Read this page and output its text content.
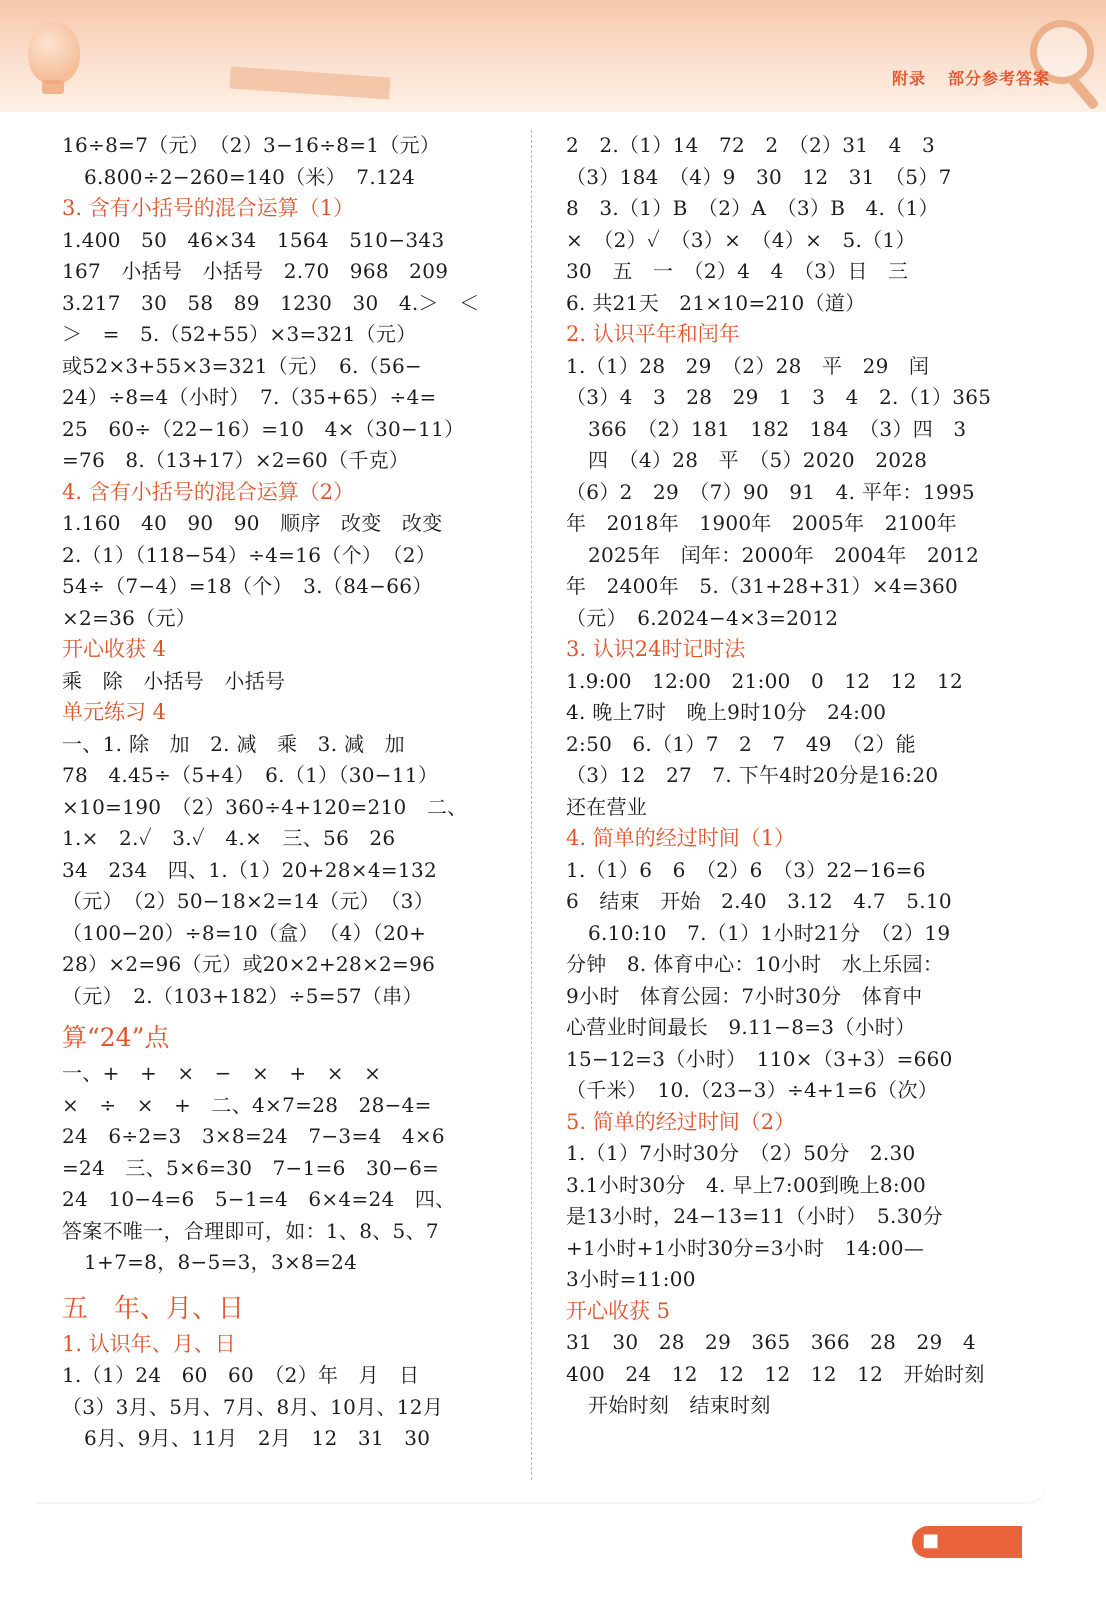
附录 部分参考答案
16÷8=7（元）　（2）3−16÷8=1（元）
6.800÷2−260=140（米）　7.124
3. 含有小括号的混合运算（1）
1.400　50　46×34　1564　510−343
167　小括号　小括号　2.70　968　209
3.217　30　58　89　1230　30　4.＞　＜
＞　=　5.（52+55）×3=321（元）
或52×3+55×3=321（元）　6.（56−
24）÷8=4（小时）　7.（35+65）÷4=
25　60÷（22−16）=10　4×（30−11）
=76　8.（13+17）×2=60（千克）
4. 含有小括号的混合运算（2）
1.160　40　90　90　顺序　改变　改变
2.（1）（118−54）÷4=16（个）　（2）
54÷（7−4）=18（个）　3.（84−66）
×2=36（元）
开心收获 4
乘　除　小括号　小括号
单元练习 4
一、1. 除　加　2. 减　乘　3. 减　加
78　4.45÷（5+4）　6.（1）（30−11）
×10=190　（2）360÷4+120=210　二、
1.×　2.✓　3.✓　4.×　三、56　26
34　234　四、1.（1）20+28×4=132
（元）　（2）50−18×2=14（元）　（3）
（100−20）÷8=10（盒）　（4）（20+
28）×2=96（元）或20×2+28×2=96
（元）　2.（103+182）÷5=57（串）
算“24”点
一、+　+　×　−　×　+　×　×
×　÷　×　+　二、4×7=28　28−4=
24　6÷2=3　3×8=24　7−3=4　4×6
=24　三、5×6=30　7−1=6　30−6=
24　10−4=6　5−1=4　6×4=24　四、
答案不唯一，合理即可，如：1、8、5、7
1+7=8，8−5=3，3×8=24
五　年、月、日
1. 认识年、月、日
1.（1）24　60　60　（2）年　月　日
（3）3月、5月、7月、8月、10月、12月
6月、9月、11月　2月　12　31　30
2　2.（1）14　72　2　（2）31　4　3
（3）184　（4）9　30　12　31　（5）7
8　3.（1）B　（2）A　（3）B　4.（1）
×　（2）✓　（3）×　（4）×　5.（1）
30　五　一　（2）4　4　（3）日　三
6. 共21天　21×10=210（道）
2. 认识平年和闰年
1.（1）28　29　（2）28　平　29　闰
（3）4　3　28　29　1　3　4　2.（1）365
366　（2）181　182　184　（3）四　3
四　（4）28　平　（5）2020　2028
（6）2　29　（7）90　91　4. 平年：1995
年　2018年　1900年　2005年　2100年
2025年　闰年：2000年　2004年　2012
年　2400年　5.（31+28+31）×4=360
（元）　6.2024−4×3=2012
3. 认识24时记时法
1.9:00　12:00　21:00　0　12　12　12
4. 晚上7时　晚上9时10分　24:00
2:50　6.（1）7　2　7　49　（2）能
（3）12　27　7. 下午4时20分是16:20
还在营业
4. 简单的经过时间（1）
1.（1）6　6　（2）6　（3）22−16=6
6　结束　开始　2.40　3.12　4.7　5.10
6.10:10　7.（1）1小时21分　（2）19
分钟　8. 体育中心：10小时　水上乐园：
9小时　体育公园：7小时30分　体育中
心营业时间最长　9.11−8=3（小时）
15−12=3（小时）　110×（3+3）=660
（千米）　10.（23−3）÷4+1=6（次）
5. 简单的经过时间（2）
1.（1）7小时30分　（2）50分　2.30
3.1小时30分　4. 早上7:00到晚上8:00
是13小时，24−13=11（小时）　5.30分
+1小时+1小时30分=3小时　14:00—
3小时=11:00
开心收获 5
31　30　28　29　365　366　28　29　4
400　24　12　12　12　12　12　开始时刻
开始时刻　结束时刻
■
